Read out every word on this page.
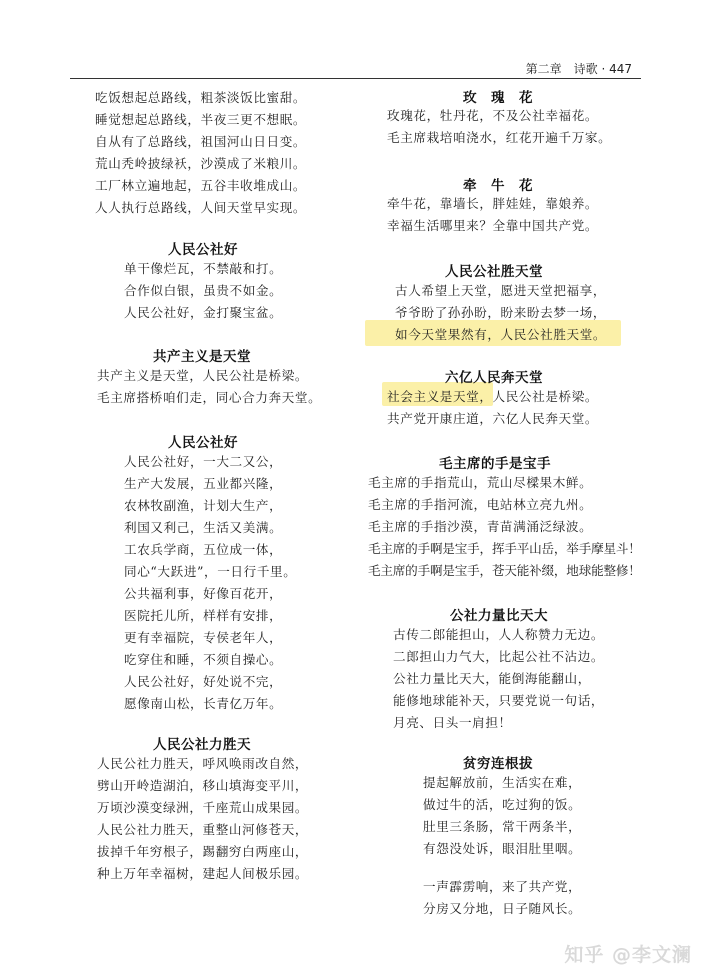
第二章　诗歌 · 447
吃饭想起总路线，粗茶淡饭比蜜甜。
睡觉想起总路线，半夜三更不想眠。
自从有了总路线，祖国河山日日变。
荒山秃岭披绿袄，沙漠成了米粮川。
工厂林立遍地起，五谷丰收堆成山。
人人执行总路线，人间天堂早实现。
人民公社好
单干像烂瓦，不禁敲和打。
合作似白银，虽贵不如金。
人民公社好，金打聚宝盆。
共产主义是天堂
共产主义是天堂，人民公社是桥梁。
毛主席搭桥咱们走，同心合力奔天堂。
人民公社好
人民公社好，一大二又公，
生产大发展，五业都兴隆，
农林牧副渔，计划大生产，
利国又利己，生活又美满。
工农兵学商，五位成一体，
同心“大跃进”，一日行千里。
公共福利事，好像百花开，
医院托儿所，样样有安排，
更有幸福院，专侯老年人，
吃穿住和睡，不须自操心。
人民公社好，好处说不完，
愿像南山松，长青亿万年。
人民公社力胜天
人民公社力胜天，呼风唤雨改自然，
劈山开岭造湖泊，移山填海变平川，
万顷沙漠变绿洲，千座荒山成果园。
人民公社力胜天，重整山河修苍天，
拔掉千年穷根子，踢翻穷白两座山，
种上万年幸福树，建起人间极乐园。
玫　瑰　花
玫瑰花，牡丹花，不及公社幸福花。
毛主席栽培咱浇水，红花开遍千万家。
牵　牛　花
牵牛花，靠墙长，胖娃娃，靠娘养。
幸福生活哪里来？全靠中国共产党。
人民公社胜天堂
古人希望上天堂，愿进天堂把福享，
爷爷盼了孙孙盼，盼来盼去梦一场，
如今天堂果然有，人民公社胜天堂。
六亿人民奔天堂
社会主义是天堂，人民公社是桥梁。
共产党开康庄道，六亿人民奔天堂。
毛主席的手是宝手
毛主席的手指荒山，荒山尽樑果木鲜。
毛主席的手指河流，电站林立亮九州。
毛主席的手指沙漠，青苗满涌泛绿波。
毛主席的手啊是宝手，挥手平山岳，举手摩星斗！
毛主席的手啊是宝手，苍天能补缀，地球能整修！
公社力量比天大
古传二郎能担山，人人称赞力无边。
二郎担山力气大，比起公社不沾边。
公社力量比天大，能倒海能翻山，
能修地球能补天，只要党说一句话，
月亮、日头一肩担！
贫穷连根拔
提起解放前，生活实在难，
做过牛的活，吃过狗的饭。
肚里三条肠，常干两条半，
有怨没处诉，眼泪肚里咽。
一声霹雳响，来了共产党，
分房又分地，日子随风长。
知乎 @李文澜
